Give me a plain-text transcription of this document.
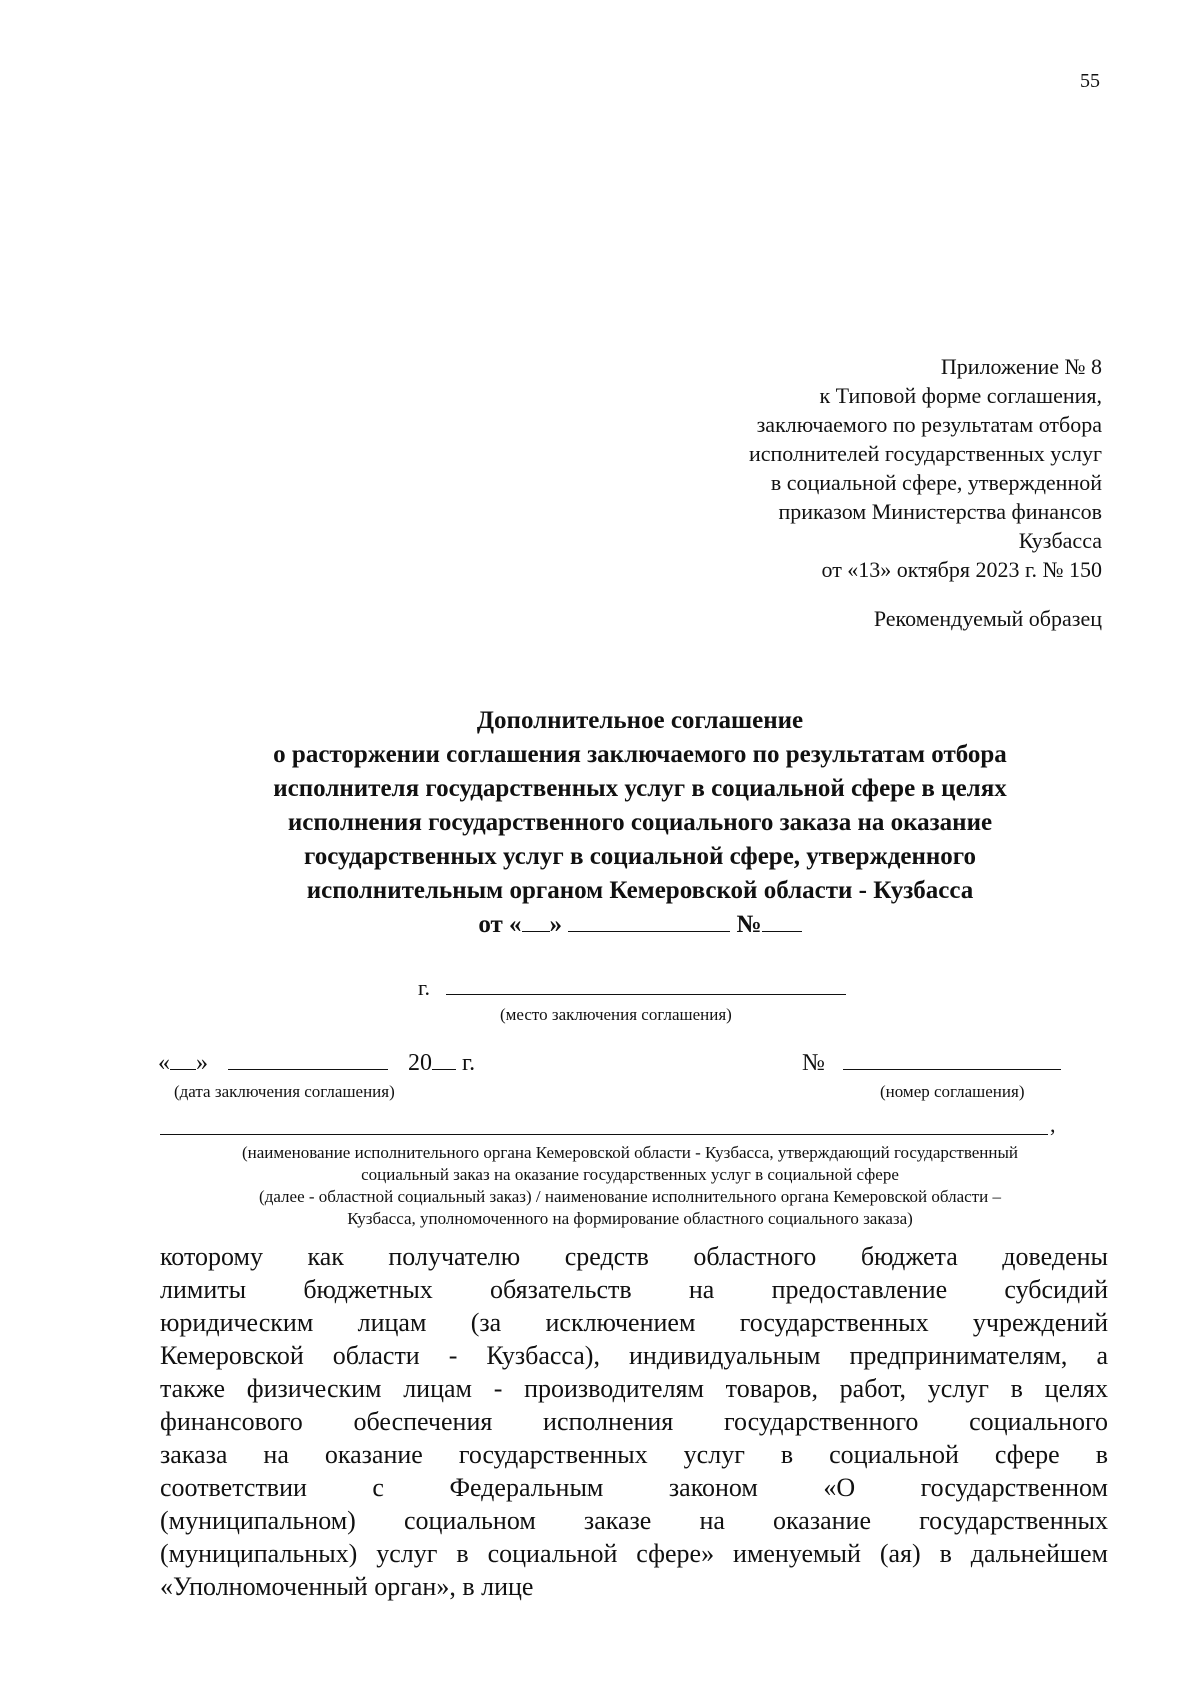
55
Приложение № 8
к Типовой форме соглашения,
заключаемого по результатам отбора
исполнителей государственных услуг
в социальной сфере, утвержденной
приказом Министерства финансов
Кузбасса
от «13» октября 2023 г. № 150
Рекомендуемый образец
Дополнительное соглашение
о расторжении соглашения заключаемого по результатам отбора
исполнителя государственных услуг в социальной сфере в целях
исполнения государственного социального заказа на оказание
государственных услуг в социальной сфере, утвержденного
исполнительным органом Кемеровской области - Кузбасса
от « »	№
г.
(место заключения соглашения)
« »	20 г.
(дата заключения соглашения)
№
(номер соглашения)
,
(наименование исполнительного органа Кемеровской области - Кузбасса, утверждающий государственный
социальный заказ на оказание государственных услуг в социальной сфере
(далее - областной социальный заказ) / наименование исполнительного органа Кемеровской области –
Кузбасса, уполномоченного на формирование областного социального заказа)
которому как получателю средств областного бюджета доведены
лимиты бюджетных обязательств на предоставление субсидий
юридическим лицам (за исключением государственных учреждений
Кемеровской области - Кузбасса), индивидуальным предпринимателям, а
также физическим лицам - производителям товаров, работ, услуг в целях
финансового обеспечения исполнения государственного социального
заказа на оказание государственных услуг в социальной сфере в
соответствии с Федеральным законом «О государственном
(муниципальном) социальном заказе на оказание государственных
(муниципальных) услуг в социальной сфере» именуемый (ая) в дальнейшем
«Уполномоченный орган», в лице
